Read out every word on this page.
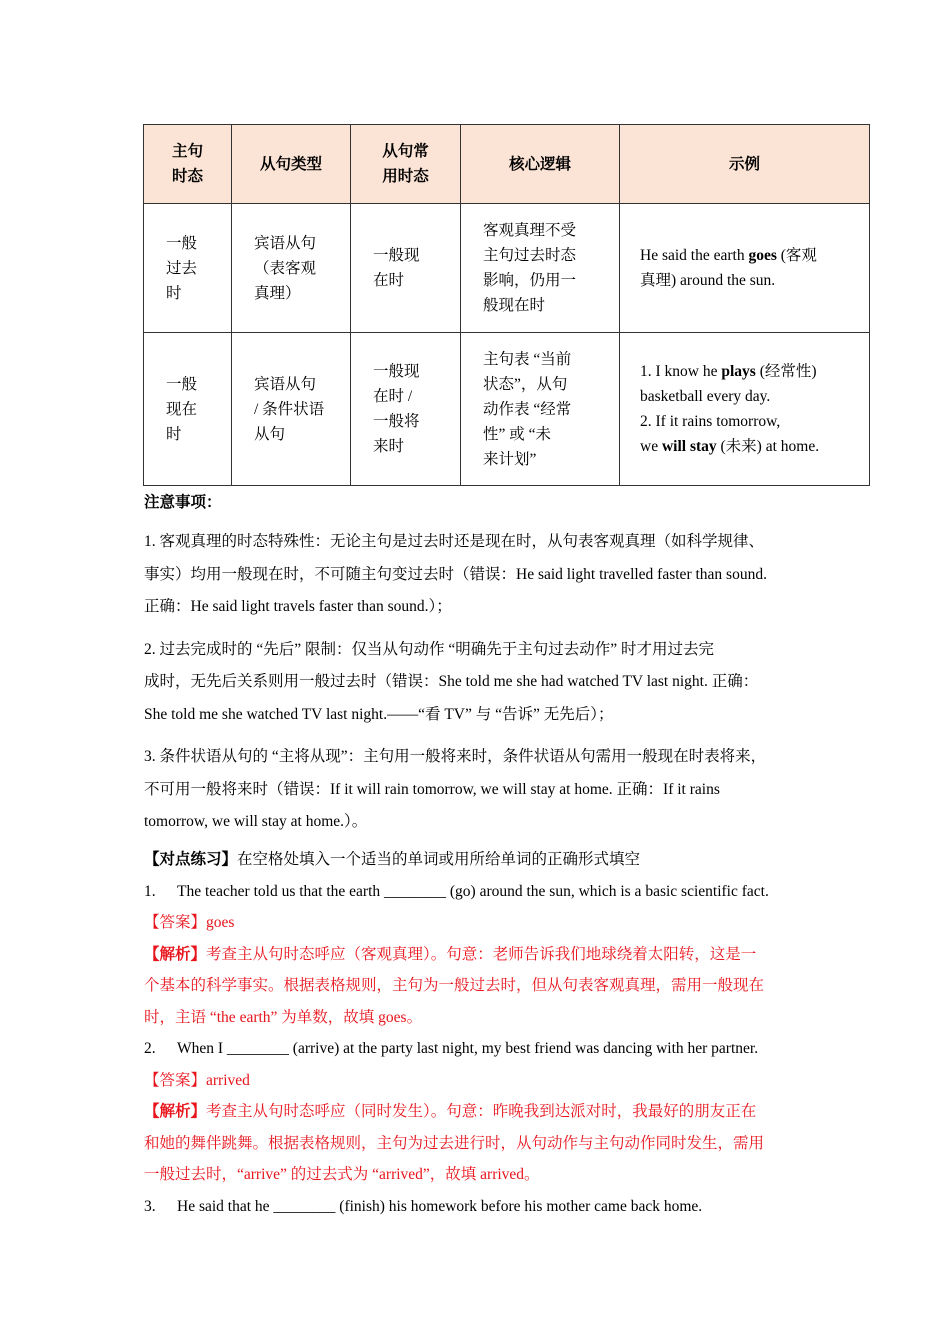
主句
时态	从句类型	从句常
用时态	核心逻辑	示例

一般
过去
时	宾语从句
（表客观
真理）	一般现
在时	客观真理不受
主句过去时态
影响，仍用一
般现在时	He said the earth goes (客观
真理) around the sun.

一般
现在
时	宾语从句
/ 条件状语
从句	一般现
在时 /
一般将
来时	主句表 “当前
状态”，从句
动作表 “经常
性” 或 “未
来计划”	1. I know he plays (经常性)
basketball every day.
2. If it rains tomorrow,
we will stay (未来) at home.

注意事项：

1. 客观真理的时态特殊性：无论主句是过去时还是现在时，从句表客观真理（如科学规律、
事实）均用一般现在时，不可随主句变过去时（错误：He said light travelled faster than sound.
正确：He said light travels faster than sound.）；

2. 过去完成时的 “先后” 限制：仅当从句动作 “明确先于主句过去动作” 时才用过去完
成时，无先后关系则用一般过去时（错误：She told me she had watched TV last night. 正确：
She told me she watched TV last night.——“看 TV” 与 “告诉” 无先后）；

3. 条件状语从句的 “主将从现”：主句用一般将来时，条件状语从句需用一般现在时表将来，
不可用一般将来时（错误：If it will rain tomorrow, we will stay at home. 正确：If it rains
tomorrow, we will stay at home.）。

【对点练习】在空格处填入一个适当的单词或用所给单词的正确形式填空

1.	The teacher told us that the earth ________ (go) around the sun, which is a basic scientific fact.

【答案】goes

【解析】考查主从句时态呼应（客观真理）。句意：老师告诉我们地球绕着太阳转，这是一
个基本的科学事实。根据表格规则，主句为一般过去时，但从句表客观真理，需用一般现在
时，主语 “the earth” 为单数，故填 goes。

2.	When I ________ (arrive) at the party last night, my best friend was dancing with her partner.

【答案】arrived

【解析】考查主从句时态呼应（同时发生）。句意：昨晚我到达派对时，我最好的朋友正在
和她的舞伴跳舞。根据表格规则，主句为过去进行时，从句动作与主句动作同时发生，需用
一般过去时，“arrive” 的过去式为 “arrived”，故填 arrived。

3.	He said that he ________ (finish) his homework before his mother came back home.
